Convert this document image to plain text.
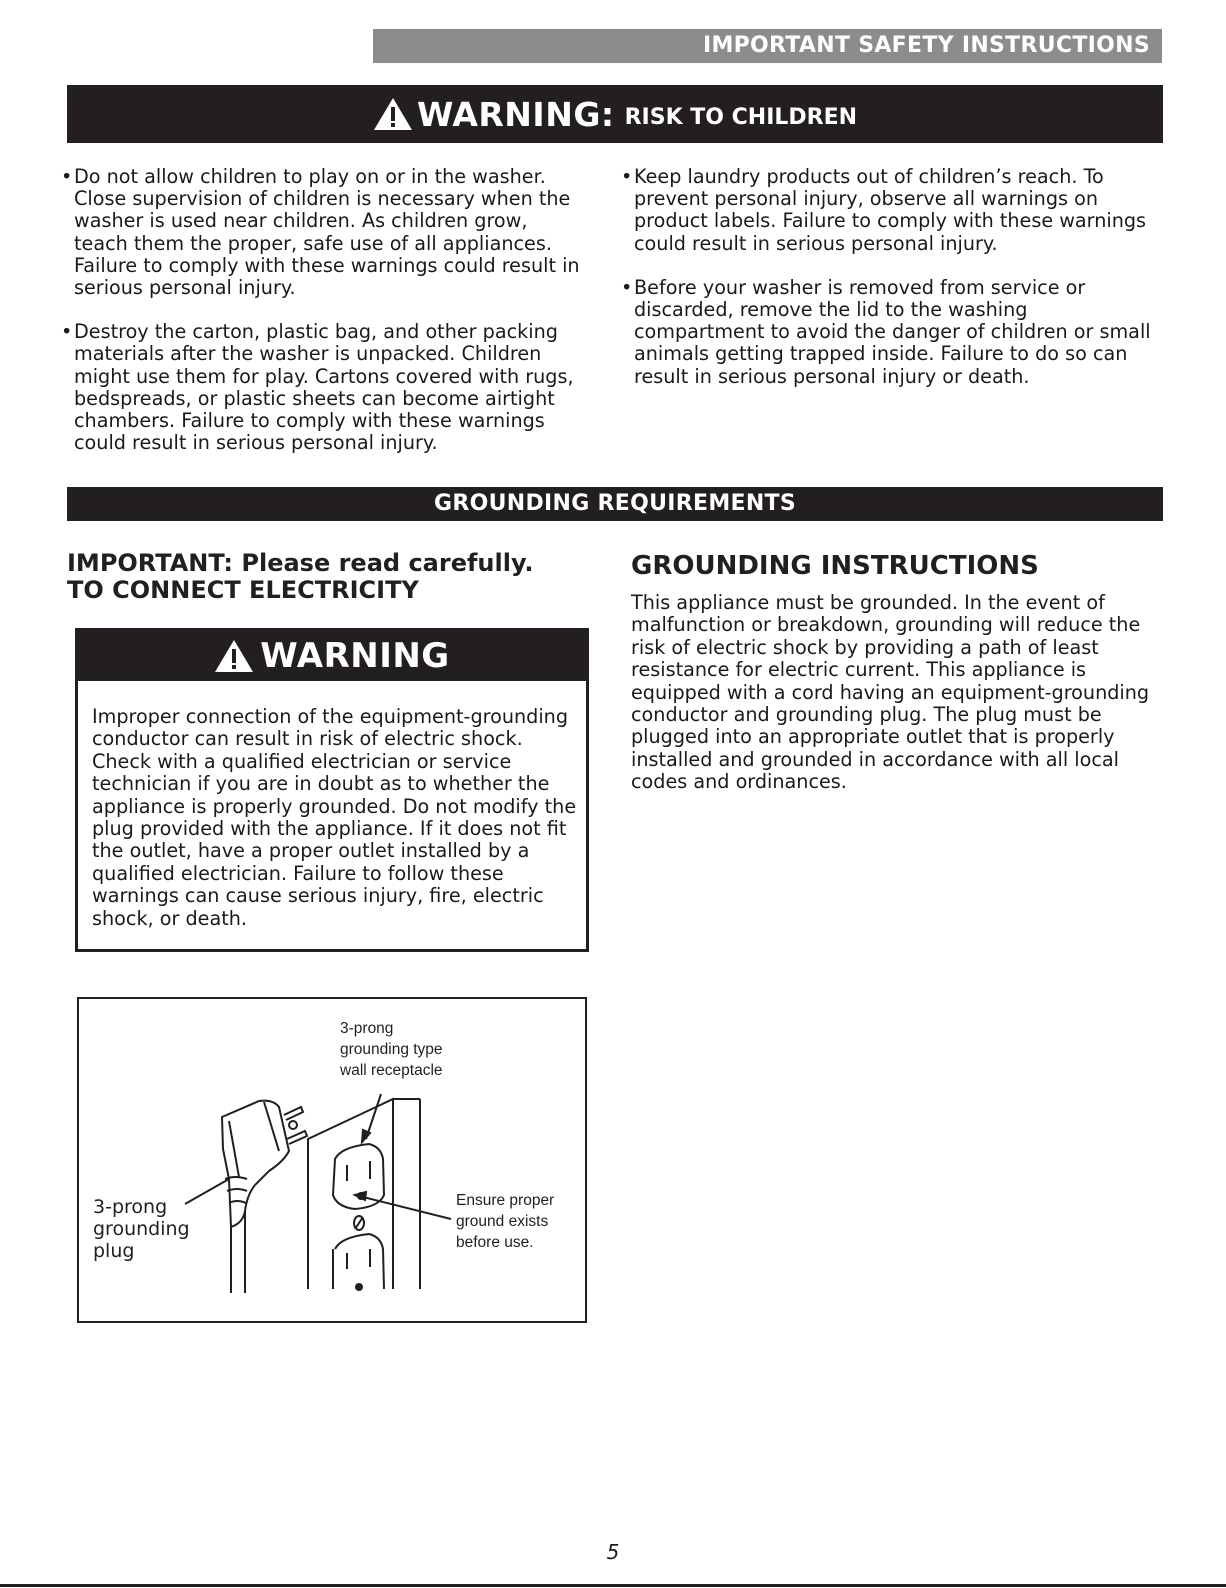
IMPORTANT SAFETY INSTRUCTIONS
WARNING: RISK TO CHILDREN
• Do not allow children to play on or in the washer. Close supervision of children is necessary when the washer is used near children. As children grow, teach them the proper, safe use of all appliances. Failure to comply with these warnings could result in serious personal injury.
• Destroy the carton, plastic bag, and other packing materials after the washer is unpacked. Children might use them for play. Cartons covered with rugs, bedspreads, or plastic sheets can become airtight chambers. Failure to comply with these warnings could result in serious personal injury.
• Keep laundry products out of children’s reach. To prevent personal injury, observe all warnings on product labels. Failure to comply with these warnings could result in serious personal injury.
• Before your washer is removed from service or discarded, remove the lid to the washing compartment to avoid the danger of children or small animals getting trapped inside. Failure to do so can result in serious personal injury or death.
GROUNDING REQUIREMENTS
IMPORTANT: Please read carefully.
TO CONNECT ELECTRICITY
GROUNDING INSTRUCTIONS
This appliance must be grounded. In the event of malfunction or breakdown, grounding will reduce the risk of electric shock by providing a path of least resistance for electric current. This appliance is equipped with a cord having an equipment-grounding conductor and grounding plug. The plug must be plugged into an appropriate outlet that is properly installed and grounded in accordance with all local codes and ordinances.
WARNING
Improper connection of the equipment-grounding conductor can result in risk of electric shock. Check with a qualified electrician or service technician if you are in doubt as to whether the appliance is properly grounded. Do not modify the plug provided with the appliance. If it does not fit the outlet, have a proper outlet installed by a qualified electrician. Failure to follow these warnings can cause serious injury, fire, electric shock, or death.
3-prong
grounding type
wall receptacle
3-prong
grounding
plug
Ensure proper
ground exists
before use.
5
